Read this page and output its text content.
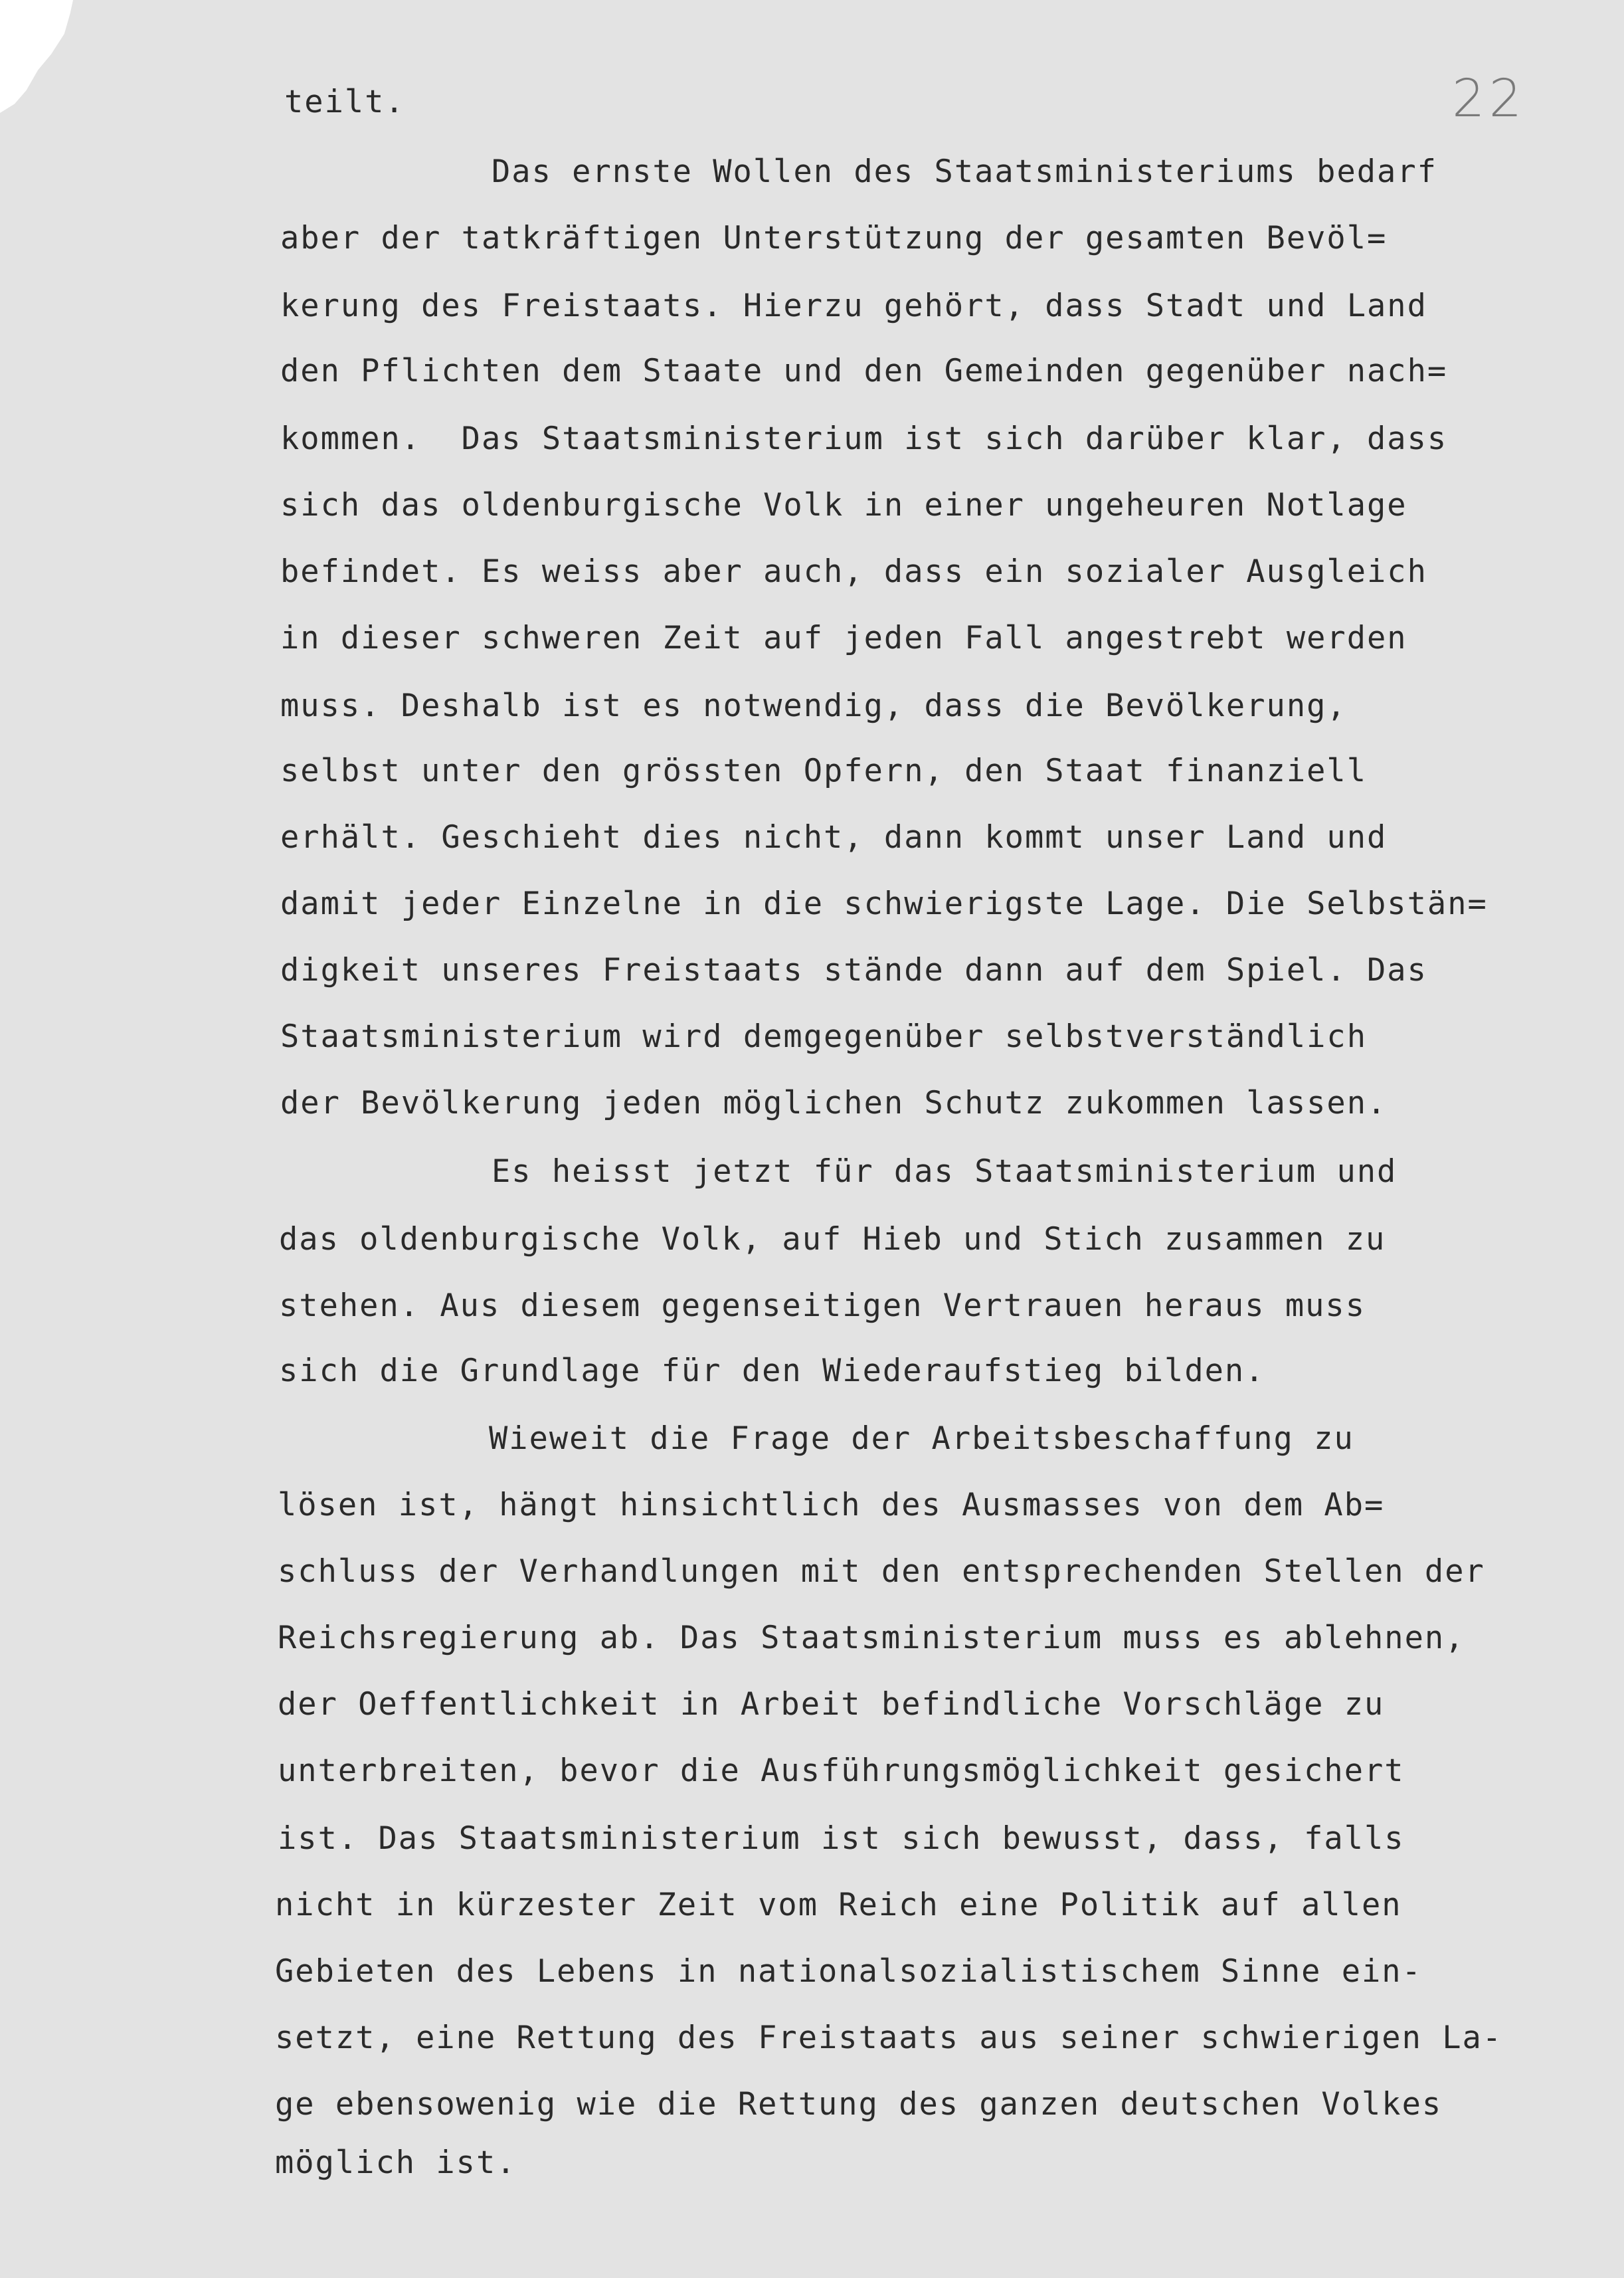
22
teilt.
Das ernste Wollen des Staatsministeriums bedarf
aber der tatkräftigen Unterstützung der gesamten Bevöl=
kerung des Freistaats. Hierzu gehört, dass Stadt und Land
den Pflichten dem Staate und den Gemeinden gegenüber nach=
kommen.  Das Staatsministerium ist sich darüber klar, dass
sich das oldenburgische Volk in einer ungeheuren Notlage
befindet. Es weiss aber auch, dass ein sozialer Ausgleich
in dieser schweren Zeit auf jeden Fall angestrebt werden
muss. Deshalb ist es notwendig, dass die Bevölkerung,
selbst unter den grössten Opfern, den Staat finanziell
erhält. Geschieht dies nicht, dann kommt unser Land und
damit jeder Einzelne in die schwierigste Lage. Die Selbstän=
digkeit unseres Freistaats stände dann auf dem Spiel. Das
Staatsministerium wird demgegenüber selbstverständlich
der Bevölkerung jeden möglichen Schutz zukommen lassen.
Es heisst jetzt für das Staatsministerium und
das oldenburgische Volk, auf Hieb und Stich zusammen zu
stehen. Aus diesem gegenseitigen Vertrauen heraus muss
sich die Grundlage für den Wiederaufstieg bilden.
Wieweit die Frage der Arbeitsbeschaffung zu
lösen ist, hängt hinsichtlich des Ausmasses von dem Ab=
schluss der Verhandlungen mit den entsprechenden Stellen der
Reichsregierung ab. Das Staatsministerium muss es ablehnen,
der Oeffentlichkeit in Arbeit befindliche Vorschläge zu
unterbreiten, bevor die Ausführungsmöglichkeit gesichert
ist. Das Staatsministerium ist sich bewusst, dass, falls
nicht in kürzester Zeit vom Reich eine Politik auf allen
Gebieten des Lebens in nationalsozialistischem Sinne ein-
setzt, eine Rettung des Freistaats aus seiner schwierigen La-
ge ebensowenig wie die Rettung des ganzen deutschen Volkes
möglich ist.
